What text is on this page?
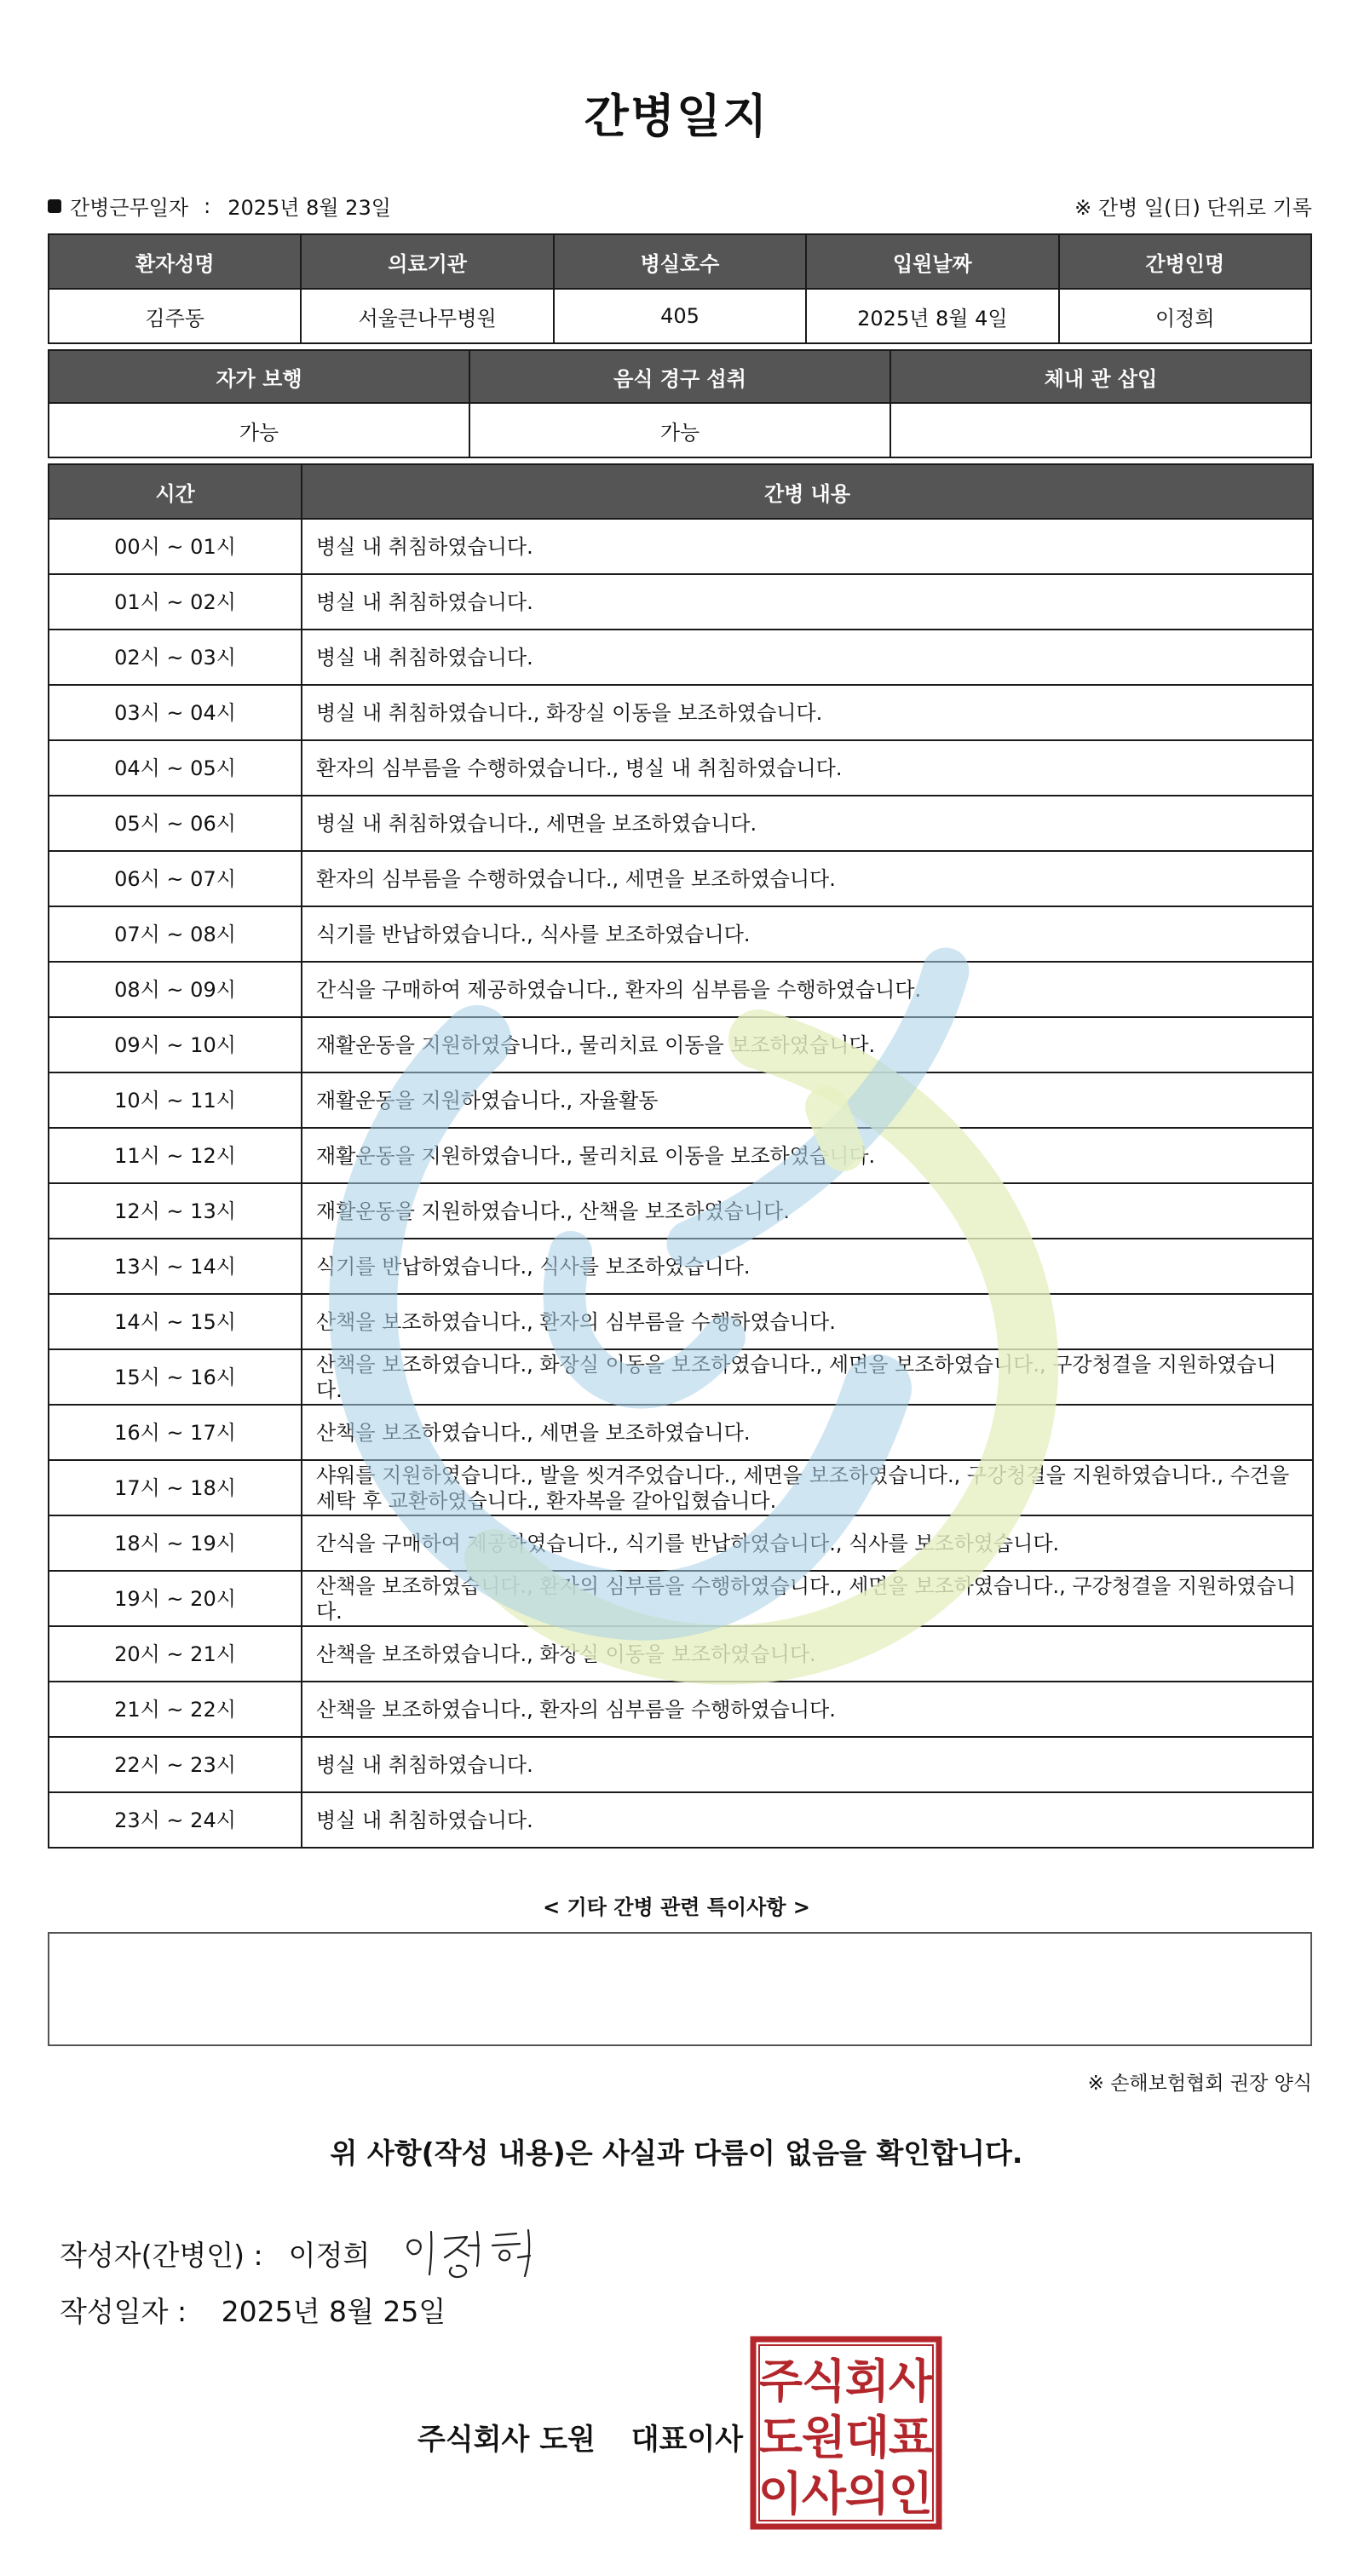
간병일지
간병근무일자 : 2025년 8월 23일	※ 간병 일(日) 단위로 기록
환자성명	의료기관	병실호수	입원날짜	간병인명
김주동	서울큰나무병원	405	2025년 8월 4일	이정희
자가 보행	음식 경구 섭취	체내 관 삽입
가능	가능	
시간	간병 내용
00시 ~ 01시	병실 내 취침하였습니다.
01시 ~ 02시	병실 내 취침하였습니다.
02시 ~ 03시	병실 내 취침하였습니다.
03시 ~ 04시	병실 내 취침하였습니다., 화장실 이동을 보조하였습니다.
04시 ~ 05시	환자의 심부름을 수행하였습니다., 병실 내 취침하였습니다.
05시 ~ 06시	병실 내 취침하였습니다., 세면을 보조하였습니다.
06시 ~ 07시	환자의 심부름을 수행하였습니다., 세면을 보조하였습니다.
07시 ~ 08시	식기를 반납하였습니다., 식사를 보조하였습니다.
08시 ~ 09시	간식을 구매하여 제공하였습니다., 환자의 심부름을 수행하였습니다.
09시 ~ 10시	재활운동을 지원하였습니다., 물리치료 이동을 보조하였습니다.
10시 ~ 11시	재활운동을 지원하였습니다., 자율활동
11시 ~ 12시	재활운동을 지원하였습니다., 물리치료 이동을 보조하였습니다.
12시 ~ 13시	재활운동을 지원하였습니다., 산책을 보조하였습니다.
13시 ~ 14시	식기를 반납하였습니다., 식사를 보조하였습니다.
14시 ~ 15시	산책을 보조하였습니다., 환자의 심부름을 수행하였습니다.
15시 ~ 16시	산책을 보조하였습니다., 화장실 이동을 보조하였습니다., 세면을 보조하였습니다., 구강청결을 지원하였습니다.
16시 ~ 17시	산책을 보조하였습니다., 세면을 보조하였습니다.
17시 ~ 18시	샤워를 지원하였습니다., 발을 씻겨주었습니다., 세면을 보조하였습니다., 구강청결을 지원하였습니다., 수건을 세탁 후 교환하였습니다., 환자복을 갈아입혔습니다.
18시 ~ 19시	간식을 구매하여 제공하였습니다., 식기를 반납하였습니다., 식사를 보조하였습니다.
19시 ~ 20시	산책을 보조하였습니다., 환자의 심부름을 수행하였습니다., 세면을 보조하였습니다., 구강청결을 지원하였습니다.
20시 ~ 21시	산책을 보조하였습니다., 화장실 이동을 보조하였습니다.
21시 ~ 22시	산책을 보조하였습니다., 환자의 심부름을 수행하였습니다.
22시 ~ 23시	병실 내 취침하였습니다.
23시 ~ 24시	병실 내 취침하였습니다.
< 기타 간병 관련 특이사항 >
※ 손해보험협회 권장 양식
위 사항(작성 내용)은 사실과 다름이 없음을 확인합니다.
작성자(간병인) : 이정희
작성일자 : 2025년 8월 25일
주식회사 도원 대표이사
주
식
회
사
도
원
대
표
이
사
의
인
